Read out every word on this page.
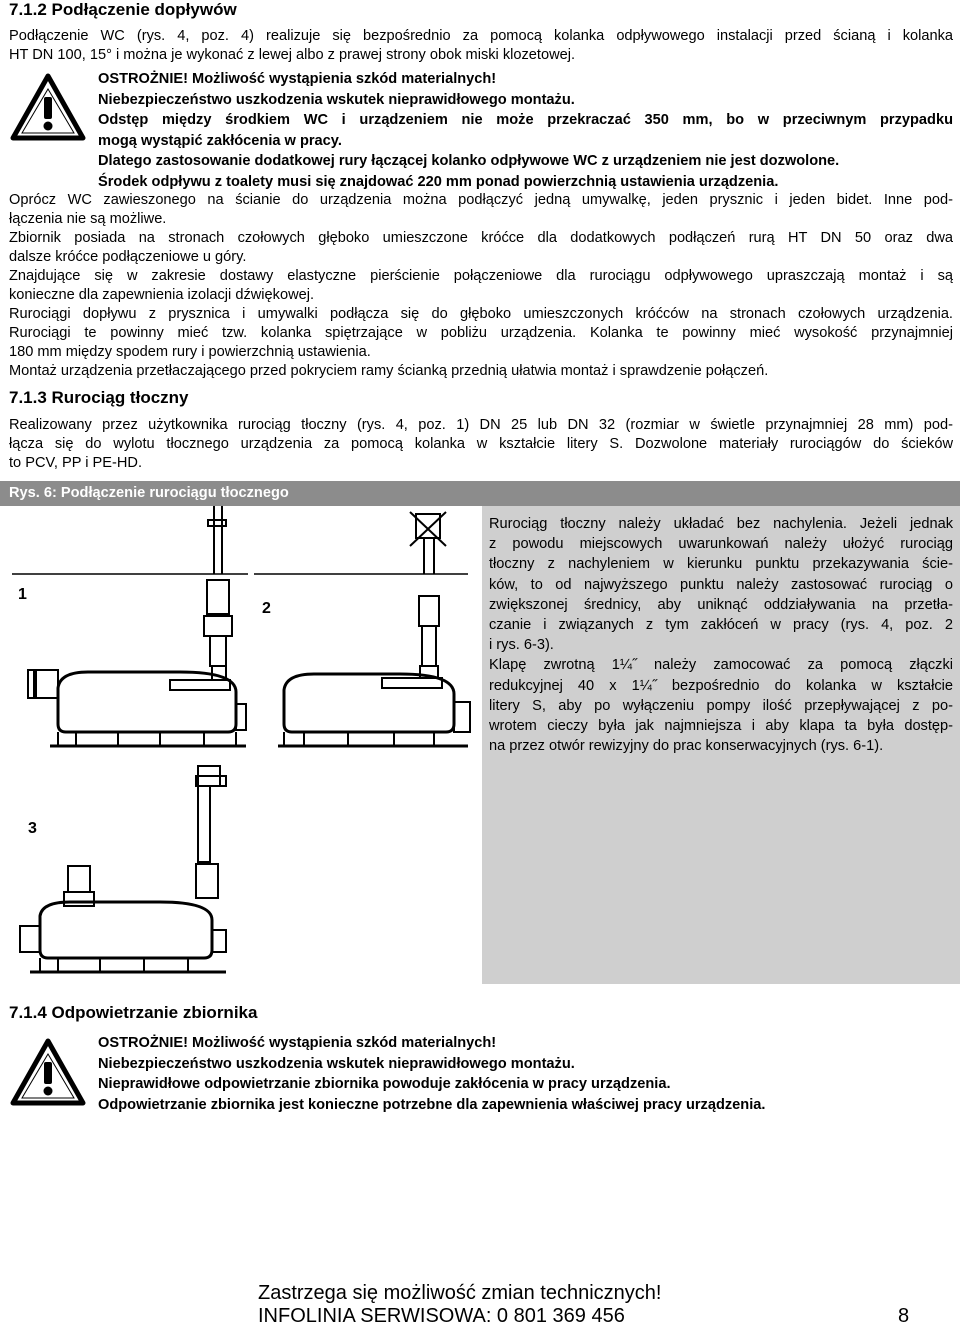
7.1.2 Podłączenie dopływów
Podłączenie WC (rys. 4, poz. 4) realizuje się bezpośrednio za pomocą kolanka odpływowego instalacji przed ścianą i kolanka
HT DN 100, 15° i można je wykonać z lewej albo z prawej strony obok miski klozetowej.
OSTROŻNIE! Możliwość wystąpienia szkód materialnych!
Niebezpieczeństwo uszkodzenia wskutek nieprawidłowego montażu.
Odstęp między środkiem WC i urządzeniem nie może przekraczać 350 mm, bo w przeciwnym przypadku
mogą wystąpić zakłócenia w pracy.
Dlatego zastosowanie dodatkowej rury łączącej kolanko odpływowe WC z urządzeniem nie jest dozwolone.
Środek odpływu z toalety musi się znajdować 220 mm ponad powierzchnią ustawienia urządzenia.
Oprócz WC zawieszonego na ścianie do urządzenia można podłączyć jedną umywalkę, jeden prysznic i jeden bidet. Inne pod-
łączenia nie są możliwe.
Zbiornik posiada na stronach czołowych głęboko umieszczone króćce dla dodatkowych podłączeń rurą HT DN 50 oraz dwa
dalsze króćce podłączeniowe u góry.
Znajdujące się w zakresie dostawy elastyczne pierścienie połączeniowe dla rurociągu odpływowego upraszczają montaż i są
konieczne dla zapewnienia izolacji dźwiękowej.
Rurociągi dopływu z prysznica i umywalki podłącza się do głęboko umieszczonych króćców na stronach czołowych urządzenia.
Rurociągi te powinny mieć tzw. kolanka spiętrzające w pobliżu urządzenia. Kolanka te powinny mieć wysokość przynajmniej
180 mm między spodem rury i powierzchnią ustawienia.
Montaż urządzenia przetłaczającego przed pokryciem ramy ścianką przednią ułatwia montaż i sprawdzenie połączeń.
7.1.3 Rurociąg tłoczny
Realizowany przez użytkownika rurociąg tłoczny (rys. 4, poz. 1) DN 25 lub DN 32 (rozmiar w świetle przynajmniej 28 mm) pod-
łącza się do wylotu tłocznego urządzenia za pomocą kolanka w kształcie litery S. Dozwolone materiały rurociągów do ścieków
to PCV, PP i PE-HD.
Rys. 6: Podłączenie rurociągu tłocznego
1
2
3
Rurociąg tłoczny należy układać bez nachylenia. Jeżeli jednak
z powodu miejscowych uwarunkowań należy ułożyć rurociąg
tłoczny z nachyleniem w kierunku punktu przekazywania ście-
ków, to od najwyższego punktu należy zastosować rurociąg o
zwiększonej średnicy, aby uniknąć oddziaływania na przetła-
czanie i związanych z tym zakłóceń w pracy (rys. 4, poz. 2
i rys. 6-3).
Klapę zwrotną 1¼˝ należy zamocować za pomocą złączki
redukcyjnej 40 x 1¼˝ bezpośrednio do kolanka w kształcie
litery S, aby po wyłączeniu pompy ilość przepływającej z po-
wrotem cieczy była jak najmniejsza i aby klapa ta była dostęp-
na przez otwór rewizyjny do prac konserwacyjnych (rys. 6-1).
7.1.4 Odpowietrzanie zbiornika
OSTROŻNIE! Możliwość wystąpienia szkód materialnych!
Niebezpieczeństwo uszkodzenia wskutek nieprawidłowego montażu.
Nieprawidłowe odpowietrzanie zbiornika powoduje zakłócenia w pracy urządzenia.
Odpowietrzanie zbiornika jest konieczne potrzebne dla zapewnienia właściwej pracy urządzenia.
Zastrzega się możliwość zmian technicznych!
INFOLINIA SERWISOWA: 0 801 369 456	8
